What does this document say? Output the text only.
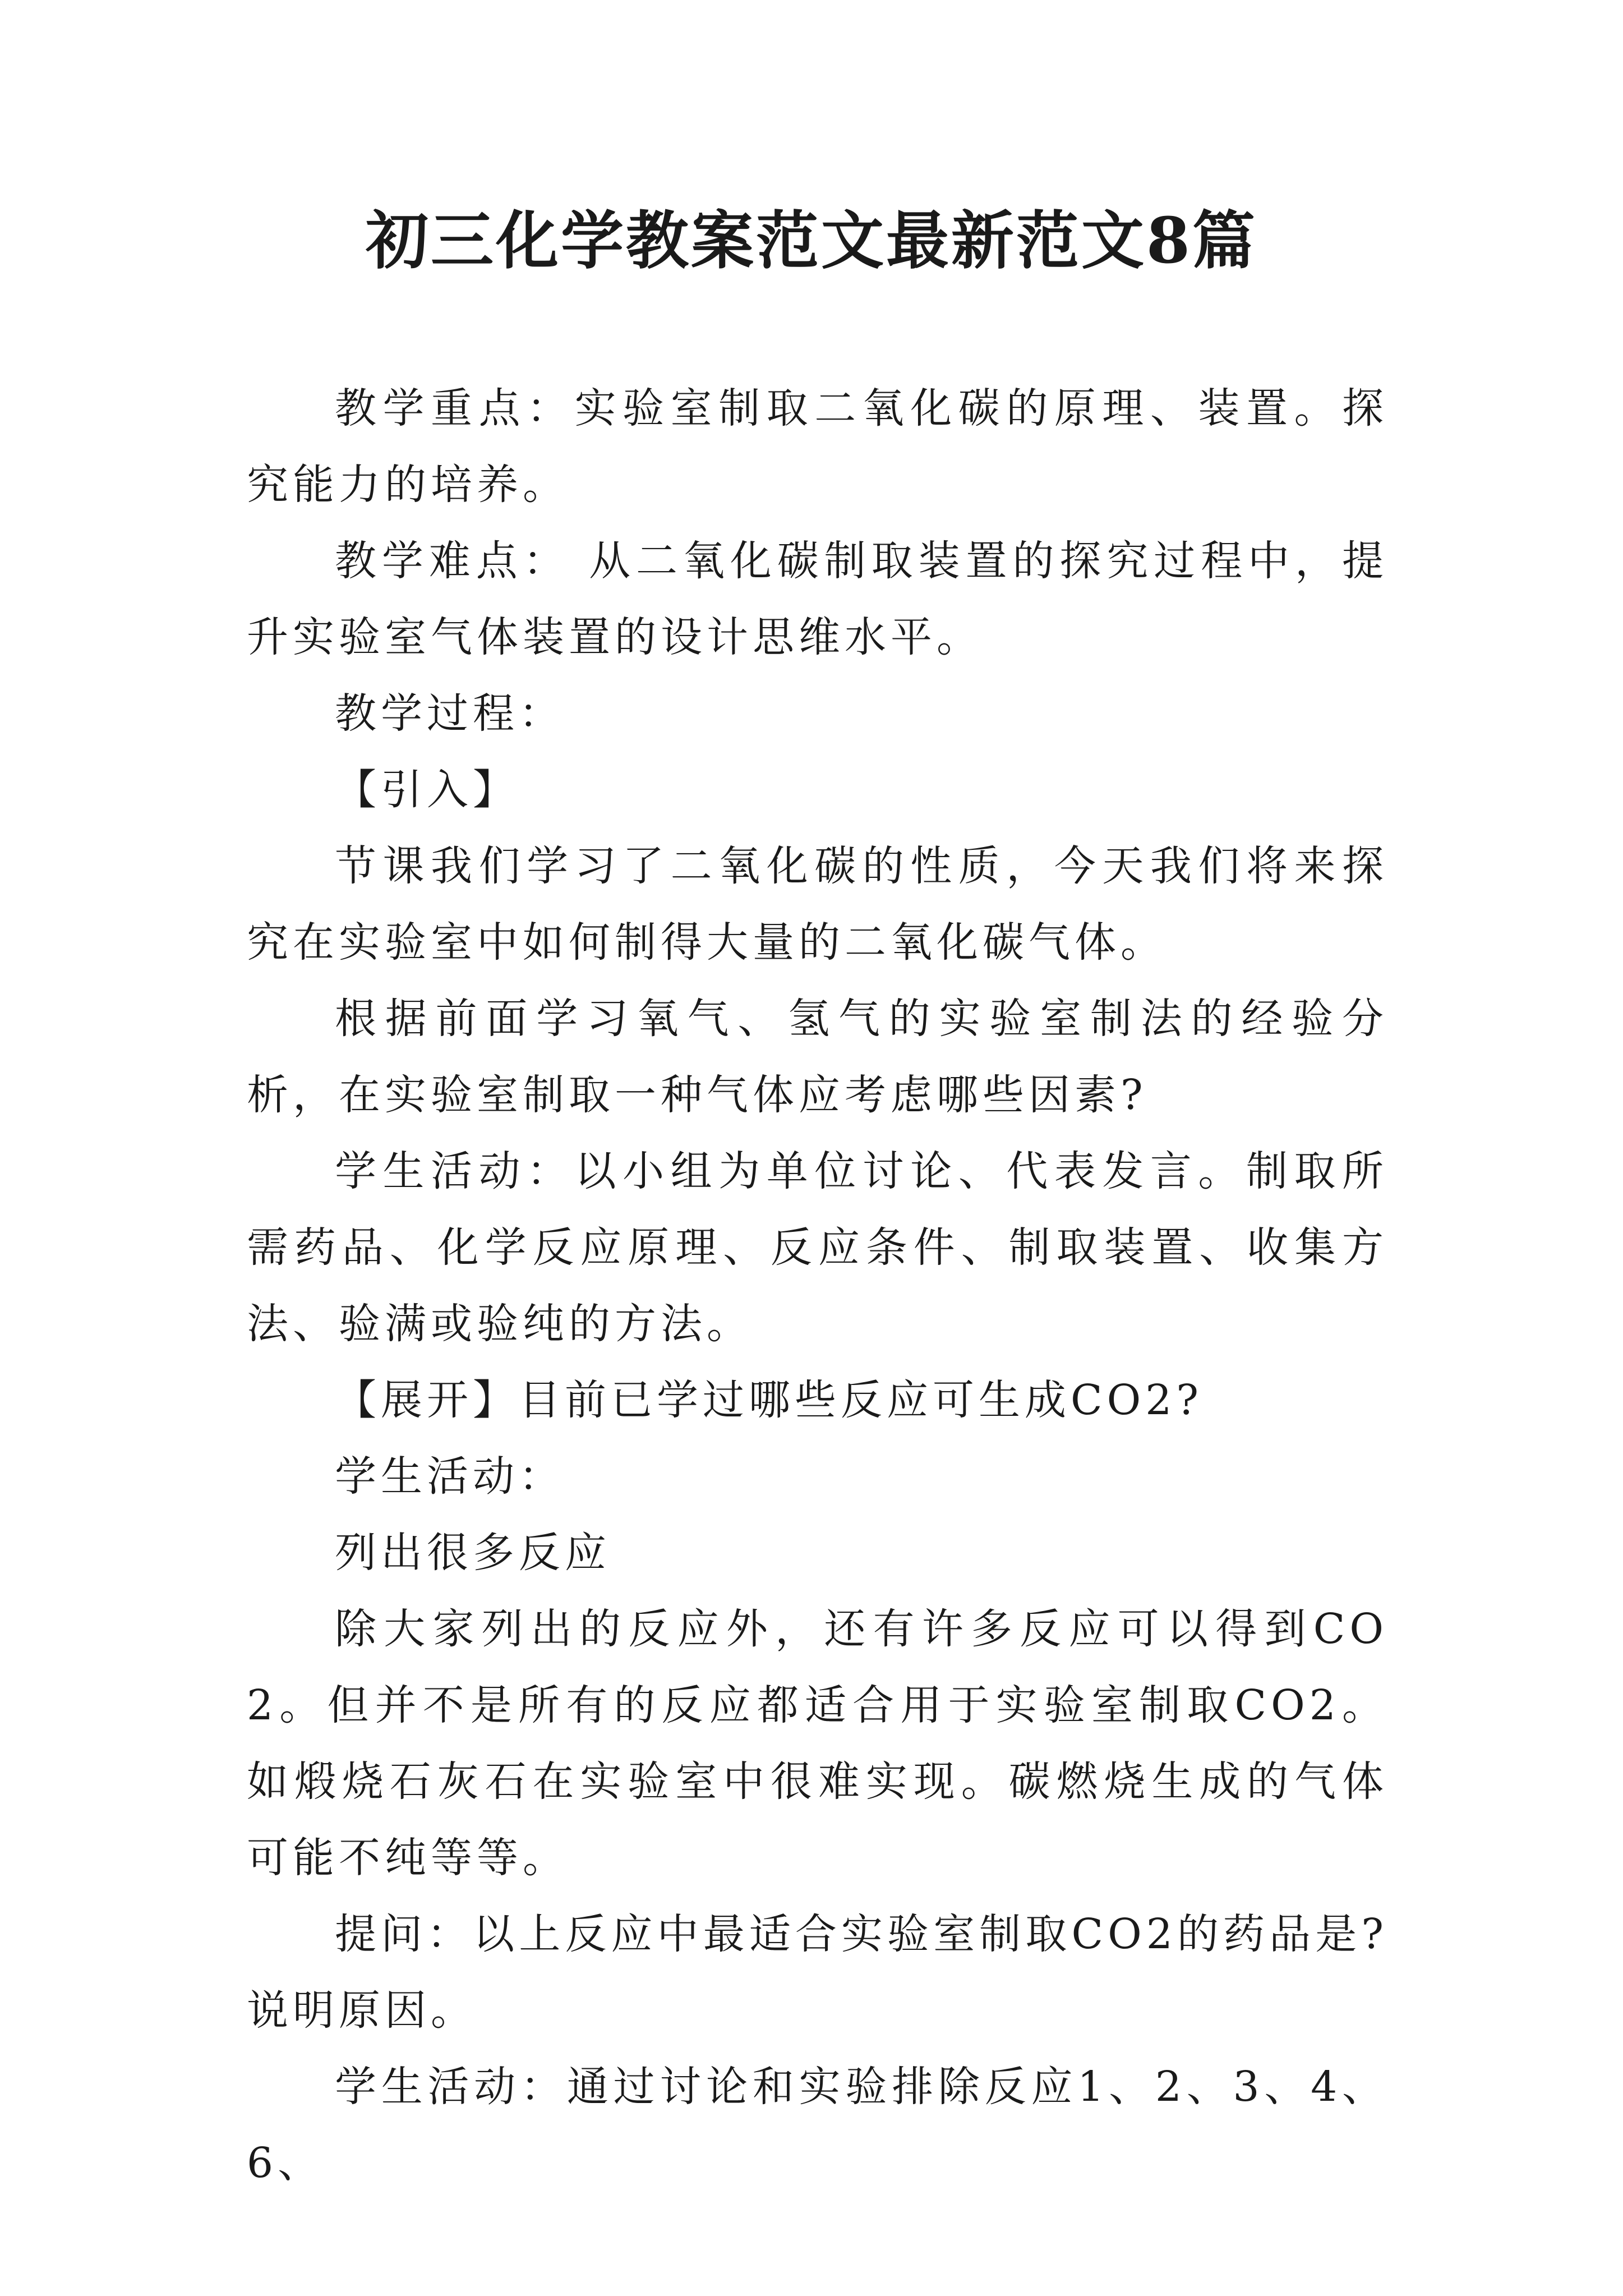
初三化学教案范文最新范文8篇

教学重点：实验室制取二氧化碳的原理、装置。探究能力的培养。

教学难点： 从二氧化碳制取装置的探究过程中，提升实验室气体装置的设计思维水平。

教学过程：

【引入】

节课我们学习了二氧化碳的性质，今天我们将来探究在实验室中如何制得大量的二氧化碳气体。

根据前面学习氧气、氢气的实验室制法的经验分析，在实验室制取一种气体应考虑哪些因素?

学生活动：以小组为单位讨论、代表发言。制取所需药品、化学反应原理、反应条件、制取装置、收集方法、验满或验纯的方法。

【展开】目前已学过哪些反应可生成CO2?

学生活动：

列出很多反应

除大家列出的反应外，还有许多反应可以得到CO2。但并不是所有的反应都适合用于实验室制取CO2。如煅烧石灰石在实验室中很难实现。碳燃烧生成的气体可能不纯等等。

提问：以上反应中最适合实验室制取CO2的药品是?说明原因。

学生活动：通过讨论和实验排除反应1、2、3、4、6、
